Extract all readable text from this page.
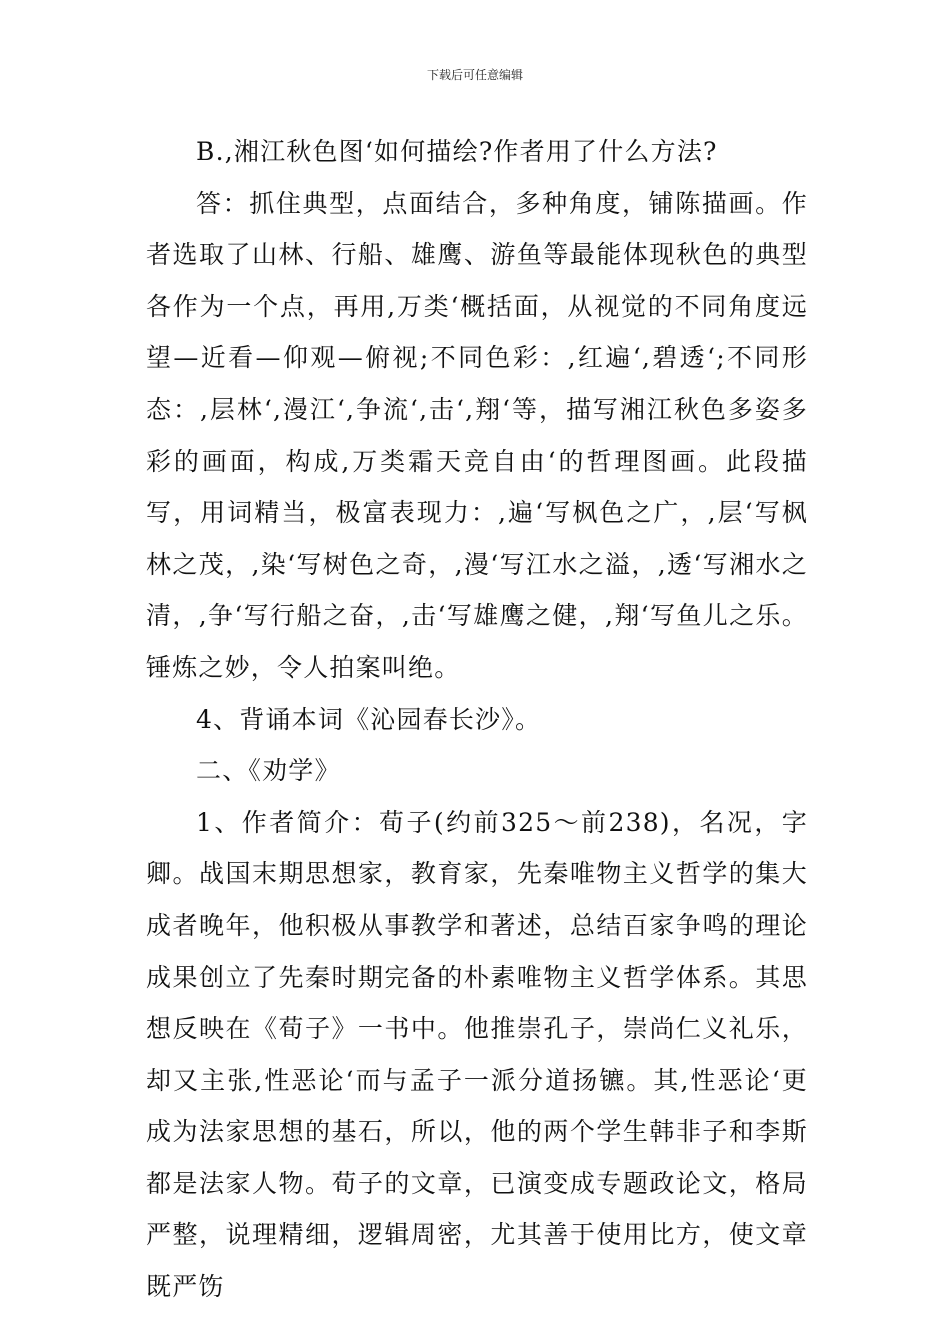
下载后可任意编辑

B.,湘江秋色图‘如何描绘?作者用了什么方法?

答：抓住典型，点面结合，多种角度，铺陈描画。作者选取了山林、行船、雄鹰、游鱼等最能体现秋色的典型各作为一个点，再用,万类‘概括面，从视觉的不同角度远望—近看—仰观—俯视;不同色彩：,红遍‘,碧透‘;不同形态：,层林‘,漫江‘,争流‘,击‘,翔‘等，描写湘江秋色多姿多彩的画面，构成,万类霜天竞自由‘的哲理图画。此段描写，用词精当，极富表现力：,遍‘写枫色之广，,层‘写枫林之茂，,染‘写树色之奇，,漫‘写江水之溢，,透‘写湘水之清，,争‘写行船之奋，,击‘写雄鹰之健，,翔‘写鱼儿之乐。锤炼之妙，令人拍案叫绝。

4、背诵本词《沁园春长沙》。

二、《劝学》

1、作者简介：荀子(约前325～前238)，名况，字卿。战国末期思想家，教育家，先秦唯物主义哲学的集大成者晚年，他积极从事教学和著述，总结百家争鸣的理论成果创立了先秦时期完备的朴素唯物主义哲学体系。其思想反映在《荀子》一书中。他推崇孔子，崇尚仁义礼乐，却又主张,性恶论‘而与孟子一派分道扬镳。其,性恶论‘更成为法家思想的基石，所以，他的两个学生韩非子和李斯都是法家人物。荀子的文章，已演变成专题政论文，格局严整，说理精细，逻辑周密，尤其善于使用比方，使文章既严饬
